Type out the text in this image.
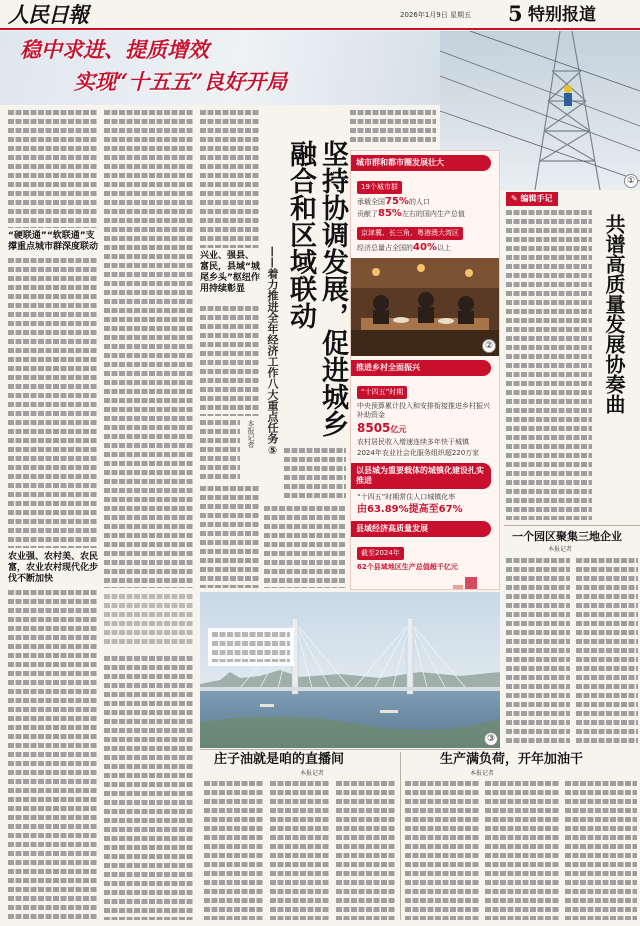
人民日報	2026年1月9日 星期五 5 特别报道
稳中求进、提质增效
实现“十五五”良好开局
①
“硬联通”“软联通”支撑重点城市群深度联动
农业强、农村美、农民富，农业农村现代化步伐不断加快
兴业、强县、富民，县域“城尾乡头”枢纽作用持续彰显
本报记者	坚持协调发展，促进城乡融合和区域联动
——着力推进全年经济工作八大重点任务⑤
城市群和都市圈发展壮大
19个城市群
承载全国75%的人口
贡献了85%左右的国内生产总值
京津冀、长三角、粤港澳大湾区
经济总量占全国的40%以上
②
推进乡村全面振兴
“十四五”时期
中央预算累计投入和安排衔接推进乡村振兴补助资金
8505亿元
农村居民收入增速连续多年快于城镇
2024年农业社会化服务组织超220万家
以县城为重要载体的城镇化建设扎实推进
“十四五”时期常住人口城镇化率
由63.89%提高至67%
县域经济高质量发展
截至2024年
62个县域地区生产总值超千亿元
✎ 编辑手记
共谱高质量发展协奏曲
一个园区聚集三地企业
本报记者
③
庄子油就是咱的直播间
本报记者
生产满负荷，开年加油干
本报记者
